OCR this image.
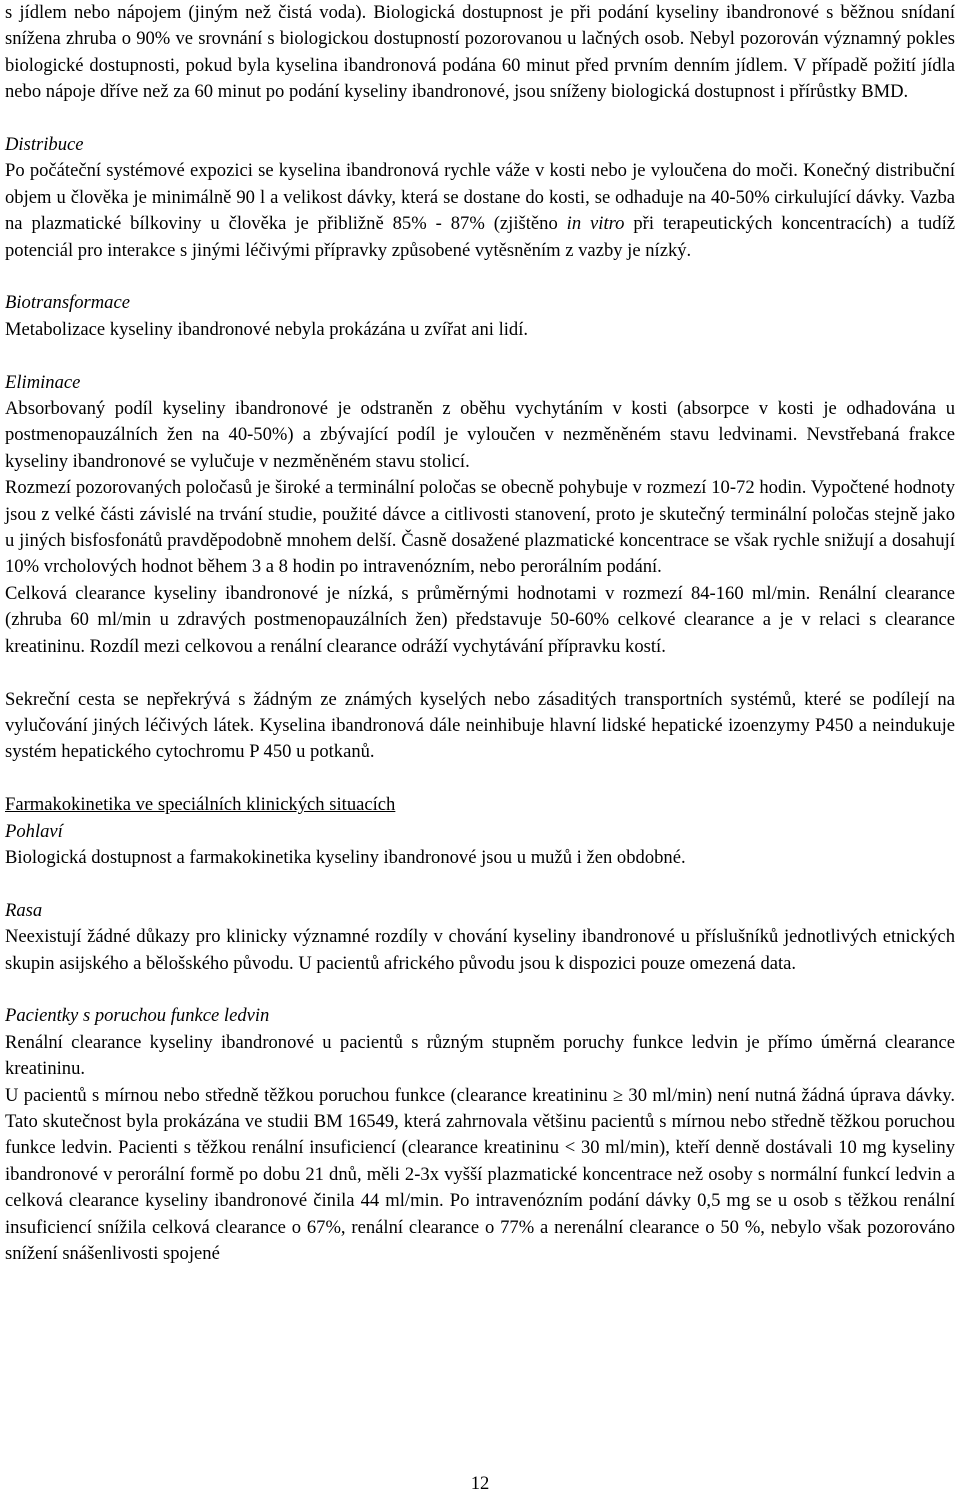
s jídlem nebo nápojem (jiným než čistá voda). Biologická dostupnost je při podání kyseliny ibandronové s běžnou snídaní snížena zhruba o 90% ve srovnání s biologickou dostupností pozorovanou u lačných osob. Nebyl pozorován významný pokles biologické dostupnosti, pokud byla kyselina ibandronová podána 60 minut před prvním denním jídlem. V případě požití jídla nebo nápoje dříve než za 60 minut po podání kyseliny ibandronové, jsou sníženy biologická dostupnost i přírůstky BMD.

Distribuce

Po počáteční systémové expozici se kyselina ibandronová rychle váže v kosti nebo je vyloučena do moči. Konečný distribuční objem u člověka je minimálně 90 l a velikost dávky, která se dostane do kosti, se odhaduje na 40-50% cirkulující dávky. Vazba na plazmatické bílkoviny u člověka je přibližně 85% - 87% (zjištěno in vitro při terapeutických koncentracích) a tudíž potenciál pro interakce s jinými léčivými přípravky způsobené vytěsněním z vazby je nízký.

Biotransformace

Metabolizace kyseliny ibandronové nebyla prokázána u zvířat ani lidí.

Eliminace

Absorbovaný podíl kyseliny ibandronové je odstraněn z oběhu vychytáním v kosti (absorpce v kosti je odhadována u postmenopauzálních žen na 40-50%) a zbývající podíl je vyloučen v nezměněném stavu ledvinami. Nevstřebaná frakce kyseliny ibandronové se vylučuje v nezměněném stavu stolicí.

Rozmezí pozorovaných poločasů je široké a terminální poločas se obecně pohybuje v rozmezí 10-72 hodin. Vypočtené hodnoty jsou z velké části závislé na trvání studie, použité dávce a citlivosti stanovení, proto je skutečný terminální poločas stejně jako u jiných bisfosfonátů pravděpodobně mnohem delší. Časně dosažené plazmatické koncentrace se však rychle snižují a dosahují 10% vrcholových hodnot během 3 a 8 hodin po intravenózním, nebo perorálním podání.

Celková clearance kyseliny ibandronové je nízká, s průměrnými hodnotami v rozmezí 84-160 ml/min. Renální clearance (zhruba 60 ml/min u zdravých postmenopauzálních žen) představuje 50-60% celkové clearance a je v relaci s clearance kreatininu. Rozdíl mezi celkovou a renální clearance odráží vychytávání přípravku kostí.

Sekreční cesta se nepřekrývá s žádným ze známých kyselých nebo zásaditých transportních systémů, které se podílejí na vylučování jiných léčivých látek. Kyselina ibandronová dále neinhibuje hlavní lidské hepatické izoenzymy P450 a neindukuje systém hepatického cytochromu P 450 u potkanů.

Farmakokinetika ve speciálních klinických situacích

Pohlaví

Biologická dostupnost a farmakokinetika kyseliny ibandronové jsou u mužů i žen obdobné.

Rasa

Neexistují žádné důkazy pro klinicky významné rozdíly v chování kyseliny ibandronové u příslušníků jednotlivých etnických skupin asijského a bělošského původu. U pacientů afrického původu jsou k dispozici pouze omezená data.

Pacientky s poruchou funkce ledvin

Renální clearance kyseliny ibandronové u pacientů s různým stupněm poruchy funkce ledvin je přímo úměrná clearance kreatininu.

U pacientů s mírnou nebo středně těžkou poruchou funkce (clearance kreatininu ≥ 30 ml/min) není nutná žádná úprava dávky. Tato skutečnost byla prokázána ve studii BM 16549, která zahrnovala většinu pacientů s mírnou nebo středně těžkou poruchou funkce ledvin. Pacienti s těžkou renální insuficiencí (clearance kreatininu < 30 ml/min), kteří denně dostávali 10 mg kyseliny ibandronové v perorální formě po dobu 21 dnů, měli 2-3x vyšší plazmatické koncentrace než osoby s normální funkcí ledvin a celková clearance kyseliny ibandronové činila 44 ml/min. Po intravenózním podání dávky 0,5 mg se u osob s těžkou renální insuficiencí snížila celková clearance o 67%, renální clearance o 77% a nerenální clearance o 50 %, nebylo však pozorováno snížení snášenlivosti spojené

12
